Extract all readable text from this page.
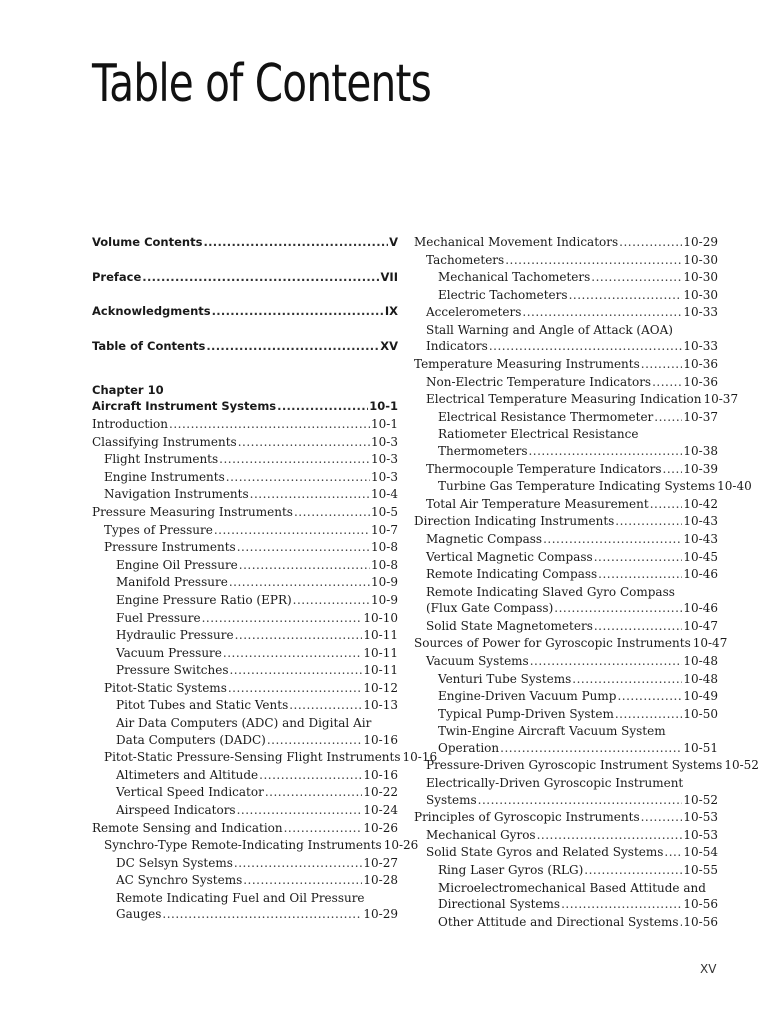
Table of Contents
Volume Contents .....	V
Preface .....	VII
Acknowledgments .....	IX
Table of Contents .....	XV
Chapter 10
Aircraft Instrument Systems .....	10-1
Introduction .....	10-1
Classifying Instruments .....	10-3
Flight Instruments .....	10-3
Engine Instruments .....	10-3
Navigation Instruments .....	10-4
Pressure Measuring Instruments .....	10-5
Types of Pressure .....	10-7
Pressure Instruments .....	10-8
Engine Oil Pressure .....	10-8
Manifold Pressure .....	10-9
Engine Pressure Ratio (EPR) .....	10-9
Fuel Pressure .....	10-10
Hydraulic Pressure .....	10-11
Vacuum Pressure .....	10-11
Pressure Switches .....	10-11
Pitot-Static Systems .....	10-12
Pitot Tubes and Static Vents .....	10-13
Air Data Computers (ADC) and Digital Air
Data Computers (DADC) .....	10-16
Pitot-Static Pressure-Sensing Flight Instruments 10-16
Altimeters and Altitude .....	10-16
Vertical Speed Indicator .....	10-22
Airspeed Indicators .....	10-24
Remote Sensing and Indication .....	10-26
Synchro-Type Remote-Indicating Instruments 10-26
DC Selsyn Systems .....	10-27
AC Synchro Systems .....	10-28
Remote Indicating Fuel and Oil Pressure
Gauges .....	10-29
Mechanical Movement Indicators .....	10-29
Tachometers .....	10-30
Mechanical Tachometers .....	10-30
Electric Tachometers .....	10-30
Accelerometers .....	10-33
Stall Warning and Angle of Attack (AOA)
Indicators .....	10-33
Temperature Measuring Instruments .....	10-36
Non-Electric Temperature Indicators .....	10-36
Electrical Temperature Measuring Indication 10-37
Electrical Resistance Thermometer .....	10-37
Ratiometer Electrical Resistance
Thermometers .....	10-38
Thermocouple Temperature Indicators ..... 10-39
Turbine Gas Temperature Indicating Systems 10-40
Total Air Temperature Measurement .....	10-42
Direction Indicating Instruments .....	10-43
Magnetic Compass .....	10-43
Vertical Magnetic Compass .....	10-45
Remote Indicating Compass .....	10-46
Remote Indicating Slaved Gyro Compass
(Flux Gate Compass) .....	10-46
Solid State Magnetometers .....	10-47
Sources of Power for Gyroscopic Instruments 10-47
Vacuum Systems .....	10-48
Venturi Tube Systems .....	10-48
Engine-Driven Vacuum Pump .....	10-49
Typical Pump-Driven System .....	10-50
Twin-Engine Aircraft Vacuum System
Operation .....	10-51
Pressure-Driven Gyroscopic Instrument Systems 10-52
Electrically-Driven Gyroscopic Instrument
Systems .....	10-52
Principles of Gyroscopic Instruments .....	10-53
Mechanical Gyros .....	10-53
Solid State Gyros and Related Systems ..... 10-54
Ring Laser Gyros (RLG) .....	10-55
Microelectromechanical Based Attitude and
Directional Systems .....	10-56
Other Attitude and Directional Systems ..... 10-56
XV
